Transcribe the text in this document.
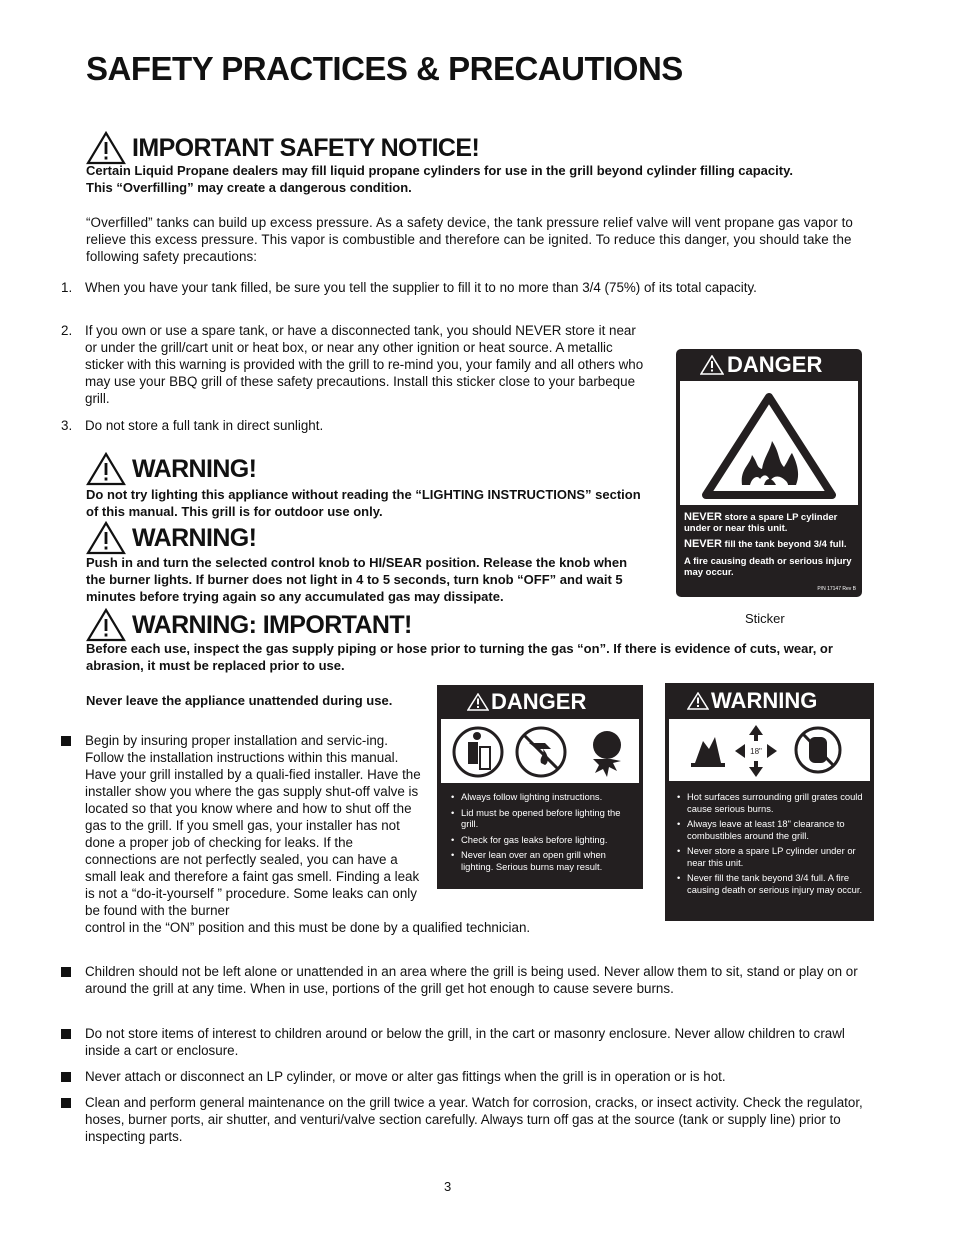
SAFETY PRACTICES & PRECAUTIONS
IMPORTANT SAFETY NOTICE!
Certain Liquid Propane dealers may fill liquid propane cylinders for use in the grill beyond cylinder filling capacity.
This “Overfilling” may create a dangerous condition.
“Overfilled” tanks can build up excess pressure. As a safety device, the tank pressure relief valve will vent propane gas vapor to relieve this excess pressure. This vapor is combustible and therefore can be ignited. To reduce this danger, you should take the following safety precautions:
1. When you have your tank filled, be sure you tell the supplier to fill it to no more than 3/4 (75%) of its total capacity.
2. If you own or use a spare tank, or have a disconnected tank, you should NEVER store it near or under the grill/cart unit or heat box, or near any other ignition or heat source. A metallic sticker with this warning is provided with the grill to re-mind you, your family and all others who may use your BBQ grill of these safety precautions. Install this sticker close to your barbeque grill.
3. Do not store a full tank in direct sunlight.
WARNING!
Do not try lighting this appliance without reading the “LIGHTING INSTRUCTIONS” section of this manual. This grill is for outdoor use only.
WARNING!
Push in and turn the selected control knob to HI/SEAR position. Release the knob when the burner lights. If burner does not light in 4 to 5 seconds, turn knob “OFF” and wait 5 minutes before trying again so any accumulated gas may dissipate.
WARNING: IMPORTANT!
Before each use, inspect the gas supply piping or hose prior to turning the gas “on”. If there is evidence of cuts, wear, or abrasion, it must be replaced prior to use.
Never leave the appliance unattended during use.
DANGER
NEVER store a spare LP cylinder under or near this unit.
NEVER fill the tank beyond 3/4 full.
A fire causing death or serious injury may occur.
P/N 17147 Rev B
Sticker
DANGER
• Always follow lighting instructions.
• Lid must be opened before lighting the grill.
• Check for gas leaks before lighting.
• Never lean over an open grill when lighting. Serious burns may result.
WARNING
18"
• Hot surfaces surrounding grill grates could cause serious burns.
• Always leave at least 18" clearance to combustibles around the grill.
• Never store a spare LP cylinder under or near this unit.
• Never fill the tank beyond 3/4 full. A fire causing death or serious injury may occur.
Begin by insuring proper installation and servic-ing. Follow the installation instructions within this manual. Have your grill installed by a quali-fied installer. Have the installer show you where the gas supply shut-off valve is located so that you know where and how to shut off the gas to the grill. If you smell gas, your installer has not done a proper job of checking for leaks. If the connections are not perfectly sealed, you can have a small leak and therefore a faint gas smell. Finding a leak is not a “do-it-yourself ” procedure. Some leaks can only be found with the burner
control in the “ON” position and this must be done by a qualified technician.
Children should not be left alone or unattended in an area where the grill is being used. Never allow them to sit, stand or play on or around the grill at any time. When in use, portions of the grill get hot enough to cause severe burns.
Do not store items of interest to children around or below the grill, in the cart or masonry enclosure. Never allow children to crawl inside a cart or enclosure.
Never attach or disconnect an LP cylinder, or move or alter gas fittings when the grill is in operation or is hot.
Clean and perform general maintenance on the grill twice a year. Watch for corrosion, cracks, or insect activity. Check the regulator, hoses, burner ports, air shutter, and venturi/valve section carefully. Always turn off gas at the source (tank or supply line) prior to inspecting parts.
3
